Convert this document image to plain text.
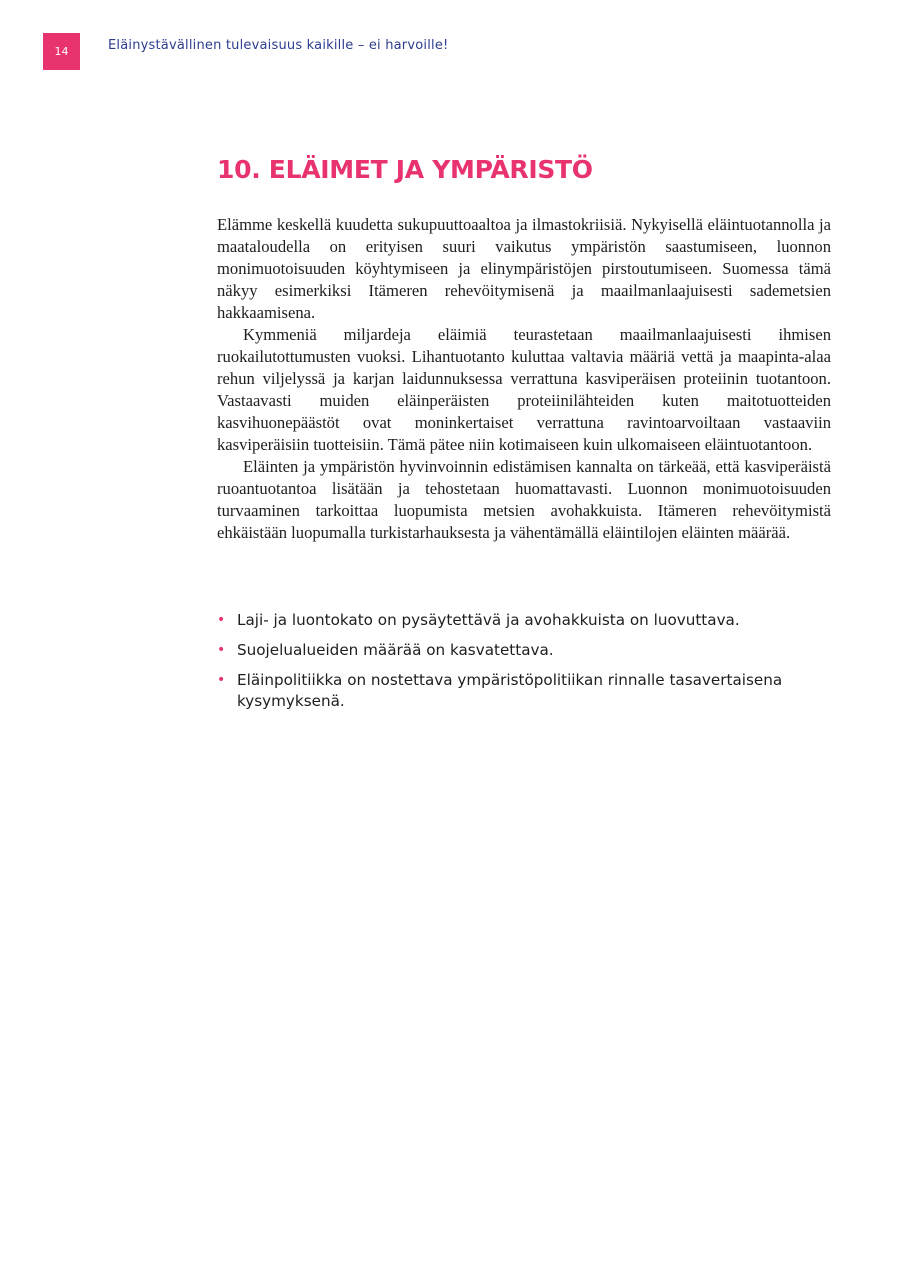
14	Eläinystävällinen tulevaisuus kaikille – ei harvoille!
10. ELÄIMET JA YMPÄRISTÖ

Elämme keskellä kuudetta sukupuuttoaaltoa ja ilmastokriisiä. Nykyisellä eläintuotannolla ja maataloudella on erityisen suuri vaikutus ympäristön saastumiseen, luonnon monimuotoisuuden köyhtymiseen ja elinympäristöjen pirstoutumiseen. Suomessa tämä näkyy esimerkiksi Itämeren rehevöitymisenä ja maailmanlaajuisesti sademetsien hakkaamisena.

Kymmeniä miljardeja eläimiä teurastetaan maailmanlaajuisesti ihmisen ruokailutottumusten vuoksi. Lihantuotanto kuluttaa valtavia määriä vettä ja maapinta-alaa rehun viljelyssä ja karjan laidunnuksessa verrattuna kasviperäisen proteiinin tuotantoon. Vastaavasti muiden eläinperäisten proteiinilähteiden kuten maitotuotteiden kasvihuonepäästöt ovat moninkertaiset verrattuna ravintoarvoiltaan vastaaviin kasviperäisiin tuotteisiin. Tämä pätee niin kotimaiseen kuin ulkomaiseen eläintuotantoon.

Eläinten ja ympäristön hyvinvoinnin edistämisen kannalta on tärkeää, että kasviperäistä ruoantuotantoa lisätään ja tehostetaan huomattavasti. Luonnon monimuotoisuuden turvaaminen tarkoittaa luopumista metsien avohakkuista. Itämeren rehevöitymistä ehkäistään luopumalla turkistarhauksesta ja vähentämällä eläintilojen eläinten määrää.

• Laji- ja luontokato on pysäytettävä ja avohakkuista on luovuttava.
• Suojelualueiden määrää on kasvatettava.
• Eläinpolitiikka on nostettava ympäristöpolitiikan rinnalle tasavertaisena kysymyksenä.
